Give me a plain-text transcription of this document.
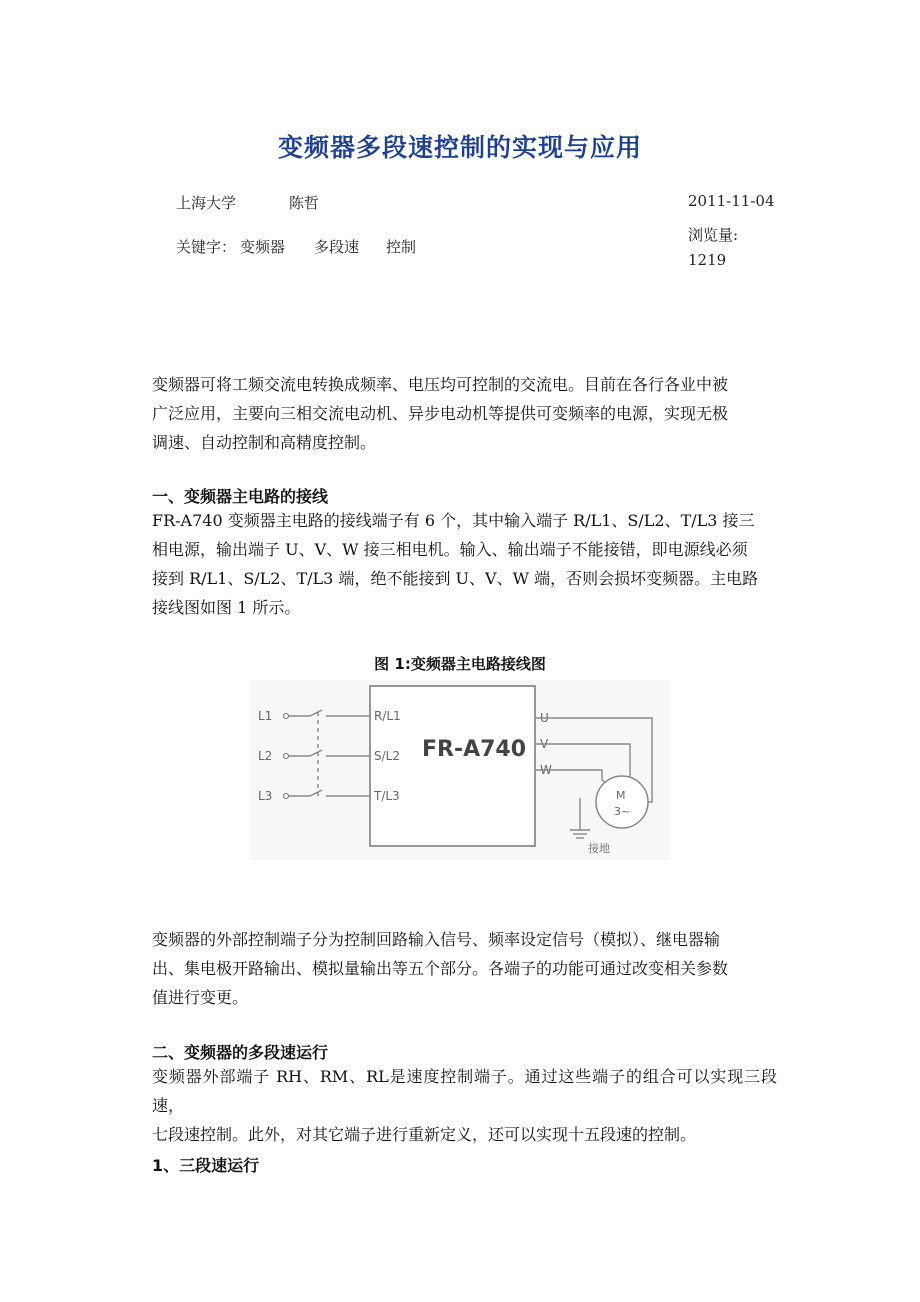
变频器多段速控制的实现与应用
上海大学	陈哲	2011-11-04
关键字： 变频器 多段速 控制
浏览量:
1219
变频器可将工频交流电转换成频率、电压均可控制的交流电。目前在各行各业中被
广泛应用，主要向三相交流电动机、异步电动机等提供可变频率的电源，实现无极
调速、自动控制和高精度控制。
一、变频器主电路的接线
FR-A740 变频器主电路的接线端子有 6 个，其中输入端子 R/L1、S/L2、T/L3 接三
相电源，输出端子 U、V、W 接三相电机。输入、输出端子不能接错，即电源线必须
接到 R/L1、S/L2、T/L3 端，绝不能接到 U、V、W 端，否则会损坏变频器。主电路
接线图如图 1 所示。
图 1:变频器主电路接线图
FR-A740
L1
L2
L3
R/L1
S/L2
T/L3
U
V
W
M
3~
接地
变频器的外部控制端子分为控制回路输入信号、频率设定信号（模拟）、继电器输
出、集电极开路输出、模拟量输出等五个部分。各端子的功能可通过改变相关参数
值进行变更。
二、变频器的多段速运行
变频器外部端子 RH、RM、RL是速度控制端子。通过这些端子的组合可以实现三段速，
七段速控制。此外，对其它端子进行重新定义，还可以实现十五段速的控制。
1、三段速运行
